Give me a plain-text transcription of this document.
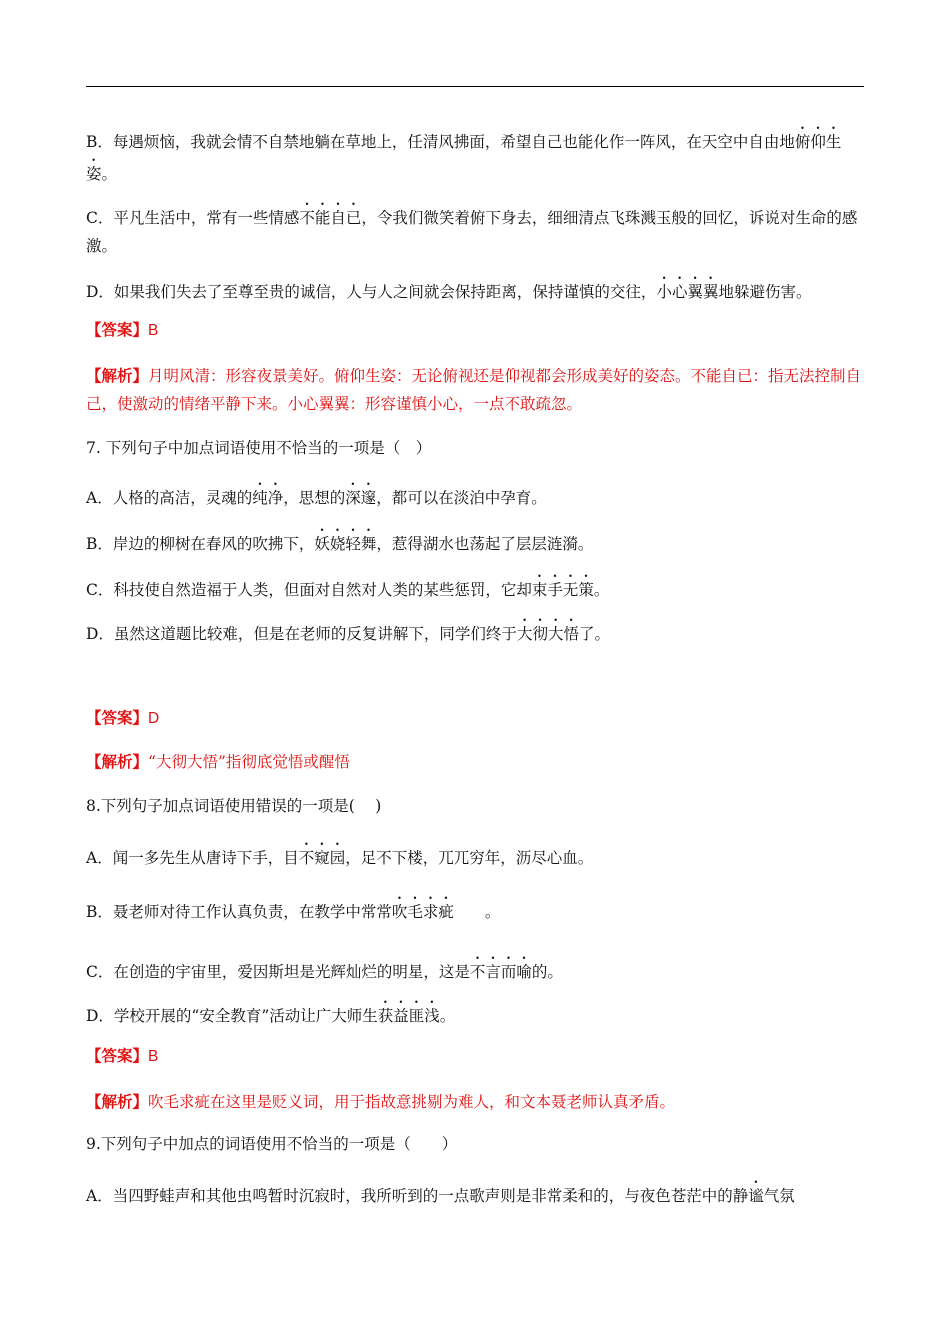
B．每遇烦恼，我就会情不自禁地躺在草地上，任清风拂面，希望自己也能化作一阵风，在天空中自由地俯仰生姿。
C．平凡生活中，常有一些情感不能自已，令我们微笑着俯下身去，细细清点飞珠溅玉般的回忆，诉说对生命的感激。
D．如果我们失去了至尊至贵的诚信，人与人之间就会保持距离，保持谨慎的交往，小心翼翼地躲避伤害。
【答案】B
【解析】月明风清：形容夜景美好。俯仰生姿：无论俯视还是仰视都会形成美好的姿态。不能自已：指无法控制自己，使激动的情绪平静下来。小心翼翼：形容谨慎小心，一点不敢疏忽。
7. 下列句子中加点词语使用不恰当的一项是（　）
A．人格的高洁，灵魂的纯净，思想的深邃，都可以在淡泊中孕育。
B．岸边的柳树在春风的吹拂下，妖娆轻舞，惹得湖水也荡起了层层涟漪。
C．科技使自然造福于人类，但面对自然对人类的某些惩罚，它却束手无策。
D．虽然这道题比较难，但是在老师的反复讲解下，同学们终于大彻大悟了。
【答案】D
【解析】“大彻大悟”指彻底觉悟或醒悟
8.下列句子加点词语使用错误的一项是(　 )
A．闻一多先生从唐诗下手，目不窥园，足不下楼，兀兀穷年，沥尽心血。
B．聂老师对待工作认真负责，在教学中常常吹毛求疵　　。
C．在创造的宇宙里，爱因斯坦是光辉灿烂的明星，这是不言而喻的。
D．学校开展的“安全教育”活动让广大师生获益匪浅。
【答案】B
【解析】吹毛求疵在这里是贬义词，用于指故意挑剔为难人，和文本聂老师认真矛盾。
9.下列句子中加点的词语使用不恰当的一项是（　　）
A．当四野蛙声和其他虫鸣暂时沉寂时，我所听到的一点歌声则是非常柔和的，与夜色苍茫中的静谧气氛
